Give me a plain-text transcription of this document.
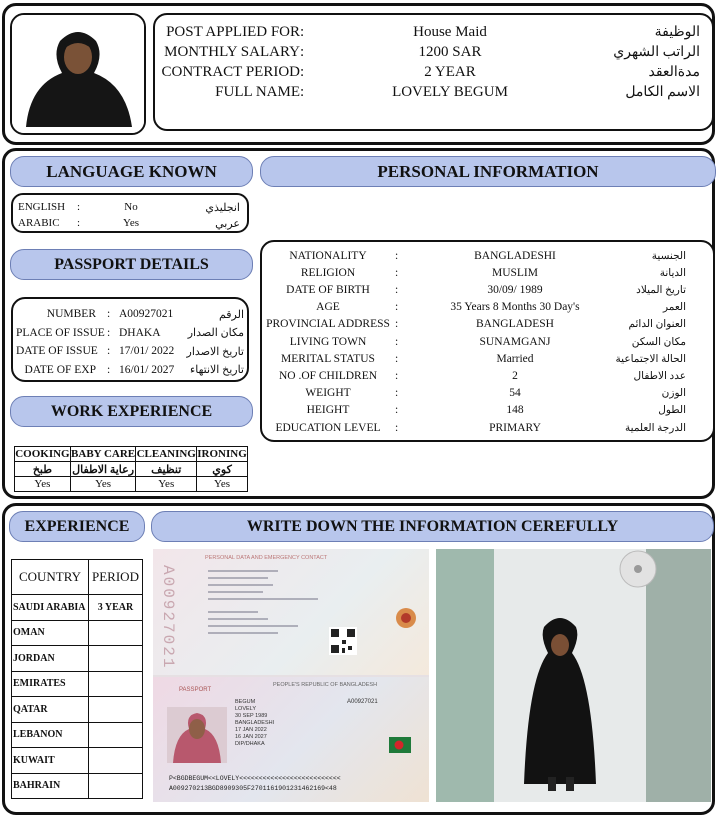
POST APPLIED FOR :	House Maid	الوظيفة
MONTHLY SALARY :	1200 SAR	الراتب الشهري
CONTRACT PERIOD :	2 YEAR	مدةالعقد
FULL NAME :	LOVELY BEGUM	الاسم الكامل
LANGUAGE KNOWN	PERSONAL INFORMATION
ENGLISH	:	No	انجليذي
ARABIC	:	Yes	عربي
PASSPORT DETAILS
NUMBER : A00927021	الرقم
PLACE OF ISSUE : DHAKA	مكان الصدار
DATE OF ISSUE : 17/01/ 2022	تاريخ الاصدار
DATE OF EXP : 16/01/ 2027	تاريخ الانتهاء
WORK EXPERIENCE
COOKING	BABY CARE	CLEANING	IRONING
طبخ	رعاية الاطفال	تنظيف	كوي
Yes	Yes	Yes	Yes
NATIONALITY	:	BANGLADESHI	الجنسية
RELIGION	:	MUSLIM	الديانة
DATE OF BIRTH	:	30/09/ 1989	تاريخ الميلاد
AGE	:	35 Years 8 Months 30 Day's	العمر
PROVINCIAL ADDRESS :	BANGLADESH	العنوان الدائم
LIVING TOWN	:	SUNAMGANJ	مكان السكن
MERITAL STATUS	:	Married	الحالة الاجتماعية
NO .OF CHILDREN	:	2	عدد الاطفال
WEIGHT	:	54	الوزن
HEIGHT	:	148	الطول
EDUCATION LEVEL	:	PRIMARY	الدرجة العلمية
EXPERIENCE	WRITE DOWN THE INFORMATION CEREFULLY
COUNTRY	PERIOD
SAUDI ARABIA	3 YEAR
OMAN	
JORDAN	
EMIRATES	
QATAR	
LEBANON	
KUWAIT	
BAHRAIN	
PERSONAL DATA AND EMERGENCY CONTACT
A00927021
PEOPLE'S REPUBLIC OF BANGLADESH
PASSPORT
BEGUM
LOVELY
30 SEP 1989
BANGLADESHI
17 JAN 2022
16 JAN 2027
DIP/DHAKA
A00927021
P<BGDBEGUM<<LOVELY<<<<<<<<<<<<<<<<<<<<<<<<<<
A009270213BGD8909305F2701161901231462169<48
